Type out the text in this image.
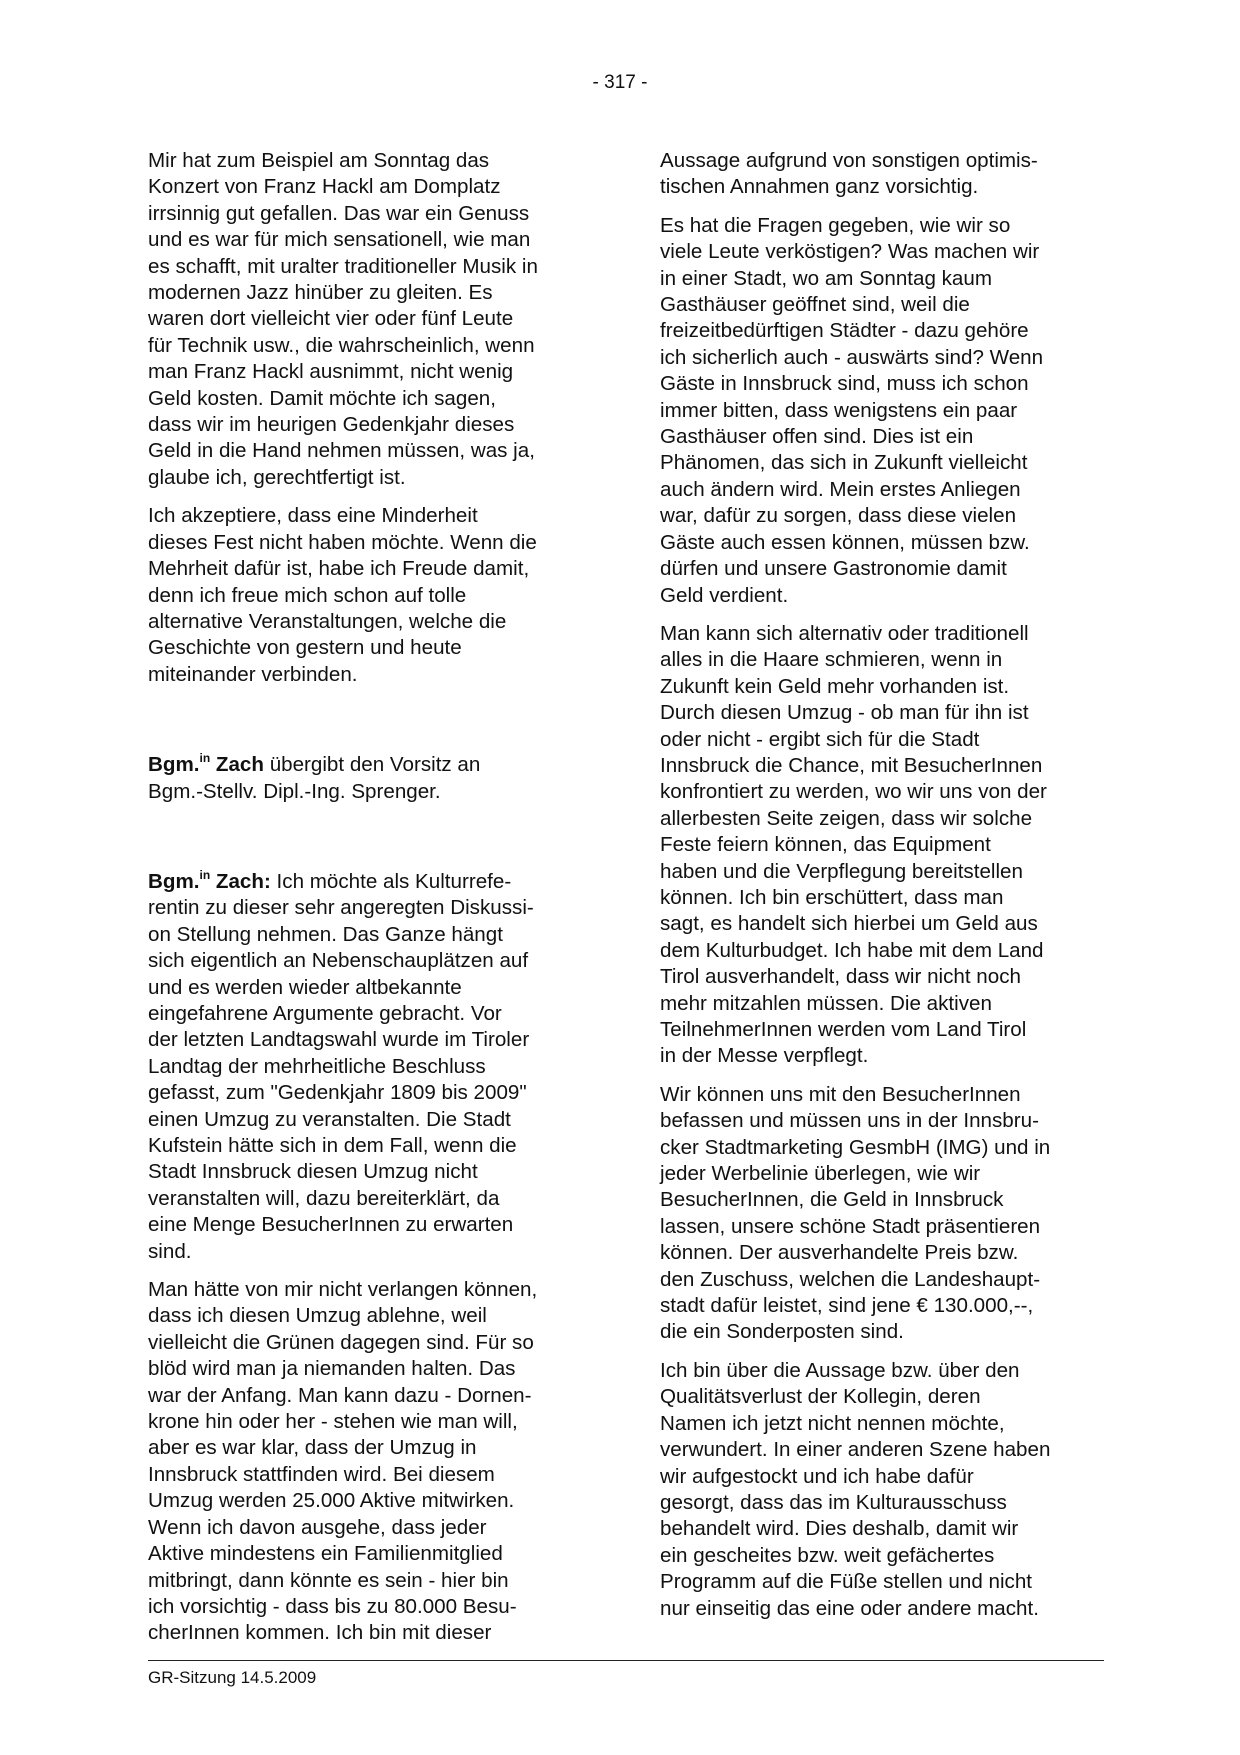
- 317 -

Mir hat zum Beispiel am Sonntag das
Konzert von Franz Hackl am Domplatz
irrsinnig gut gefallen. Das war ein Genuss
und es war für mich sensationell, wie man
es schafft, mit uralter traditioneller Musik in
modernen Jazz hinüber zu gleiten. Es
waren dort vielleicht vier oder fünf Leute
für Technik usw., die wahrscheinlich, wenn
man Franz Hackl ausnimmt, nicht wenig
Geld kosten. Damit möchte ich sagen,
dass wir im heurigen Gedenkjahr dieses
Geld in die Hand nehmen müssen, was ja,
glaube ich, gerechtfertigt ist.

Ich akzeptiere, dass eine Minderheit
dieses Fest nicht haben möchte. Wenn die
Mehrheit dafür ist, habe ich Freude damit,
denn ich freue mich schon auf tolle
alternative Veranstaltungen, welche die
Geschichte von gestern und heute
miteinander verbinden.

Bgm.$^{in}$ Zach übergibt den Vorsitz an
Bgm.-Stellv. Dipl.-Ing. Sprenger.

Bgm.$^{in}$ Zach: Ich möchte als Kulturrefe-
rentin zu dieser sehr angeregten Diskussi-
on Stellung nehmen. Das Ganze hängt
sich eigentlich an Nebenschauplätzen auf
und es werden wieder altbekannte
eingefahrene Argumente gebracht. Vor
der letzten Landtagswahl wurde im Tiroler
Landtag der mehrheitliche Beschluss
gefasst, zum "Gedenkjahr 1809 bis 2009"
einen Umzug zu veranstalten. Die Stadt
Kufstein hätte sich in dem Fall, wenn die
Stadt Innsbruck diesen Umzug nicht
veranstalten will, dazu bereiterklärt, da
eine Menge BesucherInnen zu erwarten
sind.

Man hätte von mir nicht verlangen können,
dass ich diesen Umzug ablehne, weil
vielleicht die Grünen dagegen sind. Für so
blöd wird man ja niemanden halten. Das
war der Anfang. Man kann dazu - Dornen-
krone hin oder her - stehen wie man will,
aber es war klar, dass der Umzug in
Innsbruck stattfinden wird. Bei diesem
Umzug werden 25.000 Aktive mitwirken.
Wenn ich davon ausgehe, dass jeder
Aktive mindestens ein Familienmitglied
mitbringt, dann könnte es sein - hier bin
ich vorsichtig - dass bis zu 80.000 Besu-
cherInnen kommen. Ich bin mit dieser

Aussage aufgrund von sonstigen optimis-
tischen Annahmen ganz vorsichtig.

Es hat die Fragen gegeben, wie wir so
viele Leute verköstigen? Was machen wir
in einer Stadt, wo am Sonntag kaum
Gasthäuser geöffnet sind, weil die
freizeitbedürftigen Städter - dazu gehöre
ich sicherlich auch - auswärts sind? Wenn
Gäste in Innsbruck sind, muss ich schon
immer bitten, dass wenigstens ein paar
Gasthäuser offen sind. Dies ist ein
Phänomen, das sich in Zukunft vielleicht
auch ändern wird. Mein erstes Anliegen
war, dafür zu sorgen, dass diese vielen
Gäste auch essen können, müssen bzw.
dürfen und unsere Gastronomie damit
Geld verdient.

Man kann sich alternativ oder traditionell
alles in die Haare schmieren, wenn in
Zukunft kein Geld mehr vorhanden ist.
Durch diesen Umzug - ob man für ihn ist
oder nicht - ergibt sich für die Stadt
Innsbruck die Chance, mit BesucherInnen
konfrontiert zu werden, wo wir uns von der
allerbesten Seite zeigen, dass wir solche
Feste feiern können, das Equipment
haben und die Verpflegung bereitstellen
können. Ich bin erschüttert, dass man
sagt, es handelt sich hierbei um Geld aus
dem Kulturbudget. Ich habe mit dem Land
Tirol ausverhandelt, dass wir nicht noch
mehr mitzahlen müssen. Die aktiven
TeilnehmerInnen werden vom Land Tirol
in der Messe verpflegt.

Wir können uns mit den BesucherInnen
befassen und müssen uns in der Innsbru-
cker Stadtmarketing GesmbH (IMG) und in
jeder Werbelinie überlegen, wie wir
BesucherInnen, die Geld in Innsbruck
lassen, unsere schöne Stadt präsentieren
können. Der ausverhandelte Preis bzw.
den Zuschuss, welchen die Landeshaupt-
stadt dafür leistet, sind jene € 130.000,--,
die ein Sonderposten sind.

Ich bin über die Aussage bzw. über den
Qualitätsverlust der Kollegin, deren
Namen ich jetzt nicht nennen möchte,
verwundert. In einer anderen Szene haben
wir aufgestockt und ich habe dafür
gesorgt, dass das im Kulturausschuss
behandelt wird. Dies deshalb, damit wir
ein gescheites bzw. weit gefächertes
Programm auf die Füße stellen und nicht
nur einseitig das eine oder andere macht.

GR-Sitzung 14.5.2009
